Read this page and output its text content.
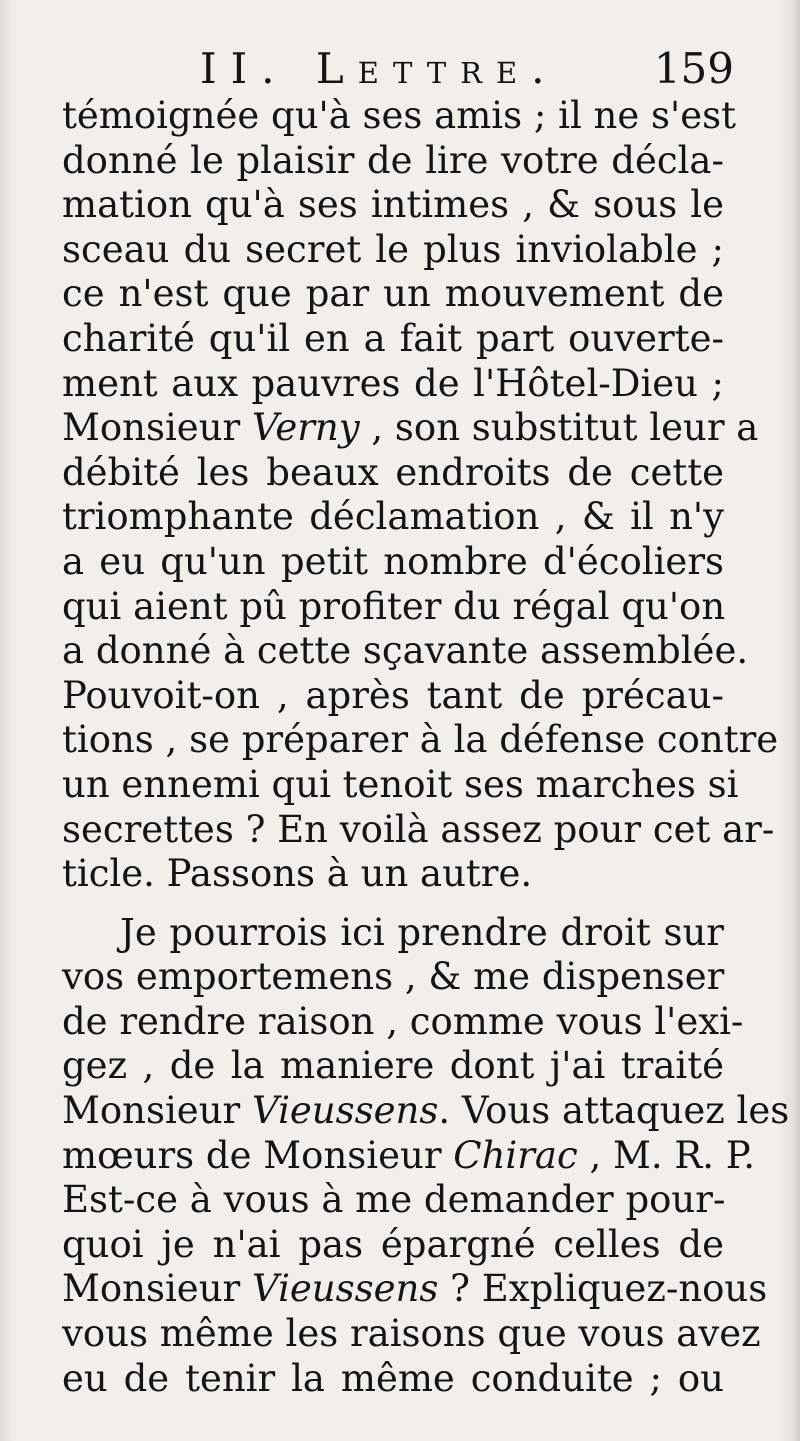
II. Lettre. 159
témoignée qu'à ses amis ; il ne s'est
donné le plaisir de lire votre décla-
mation qu'à ses intimes , & sous le
sceau du secret le plus inviolable ;
ce n'est que par un mouvement de
charité qu'il en a fait part ouverte-
ment aux pauvres de l'Hôtel-Dieu ;
Monsieur Verny , son substitut leur a
débité les beaux endroits de cette
triomphante déclamation , & il n'y
a eu qu'un petit nombre d'écoliers
qui aient pû profiter du régal qu'on
a donné à cette sçavante assemblée.
Pouvoit-on , après tant de précau-
tions , se préparer à la défense contre
un ennemi qui tenoit ses marches si
secrettes ? En voilà assez pour cet ar-
ticle. Passons à un autre.
Je pourrois ici prendre droit sur
vos emportemens , & me dispenser
de rendre raison , comme vous l'exi-
gez , de la maniere dont j'ai traité
Monsieur Vieussens. Vous attaquez les
mœurs de Monsieur Chirac , M. R. P.
Est-ce à vous à me demander pour-
quoi je n'ai pas épargné celles de
Monsieur Vieussens ? Expliquez-nous
vous même les raisons que vous avez
eu de tenir la même conduite ; ou
